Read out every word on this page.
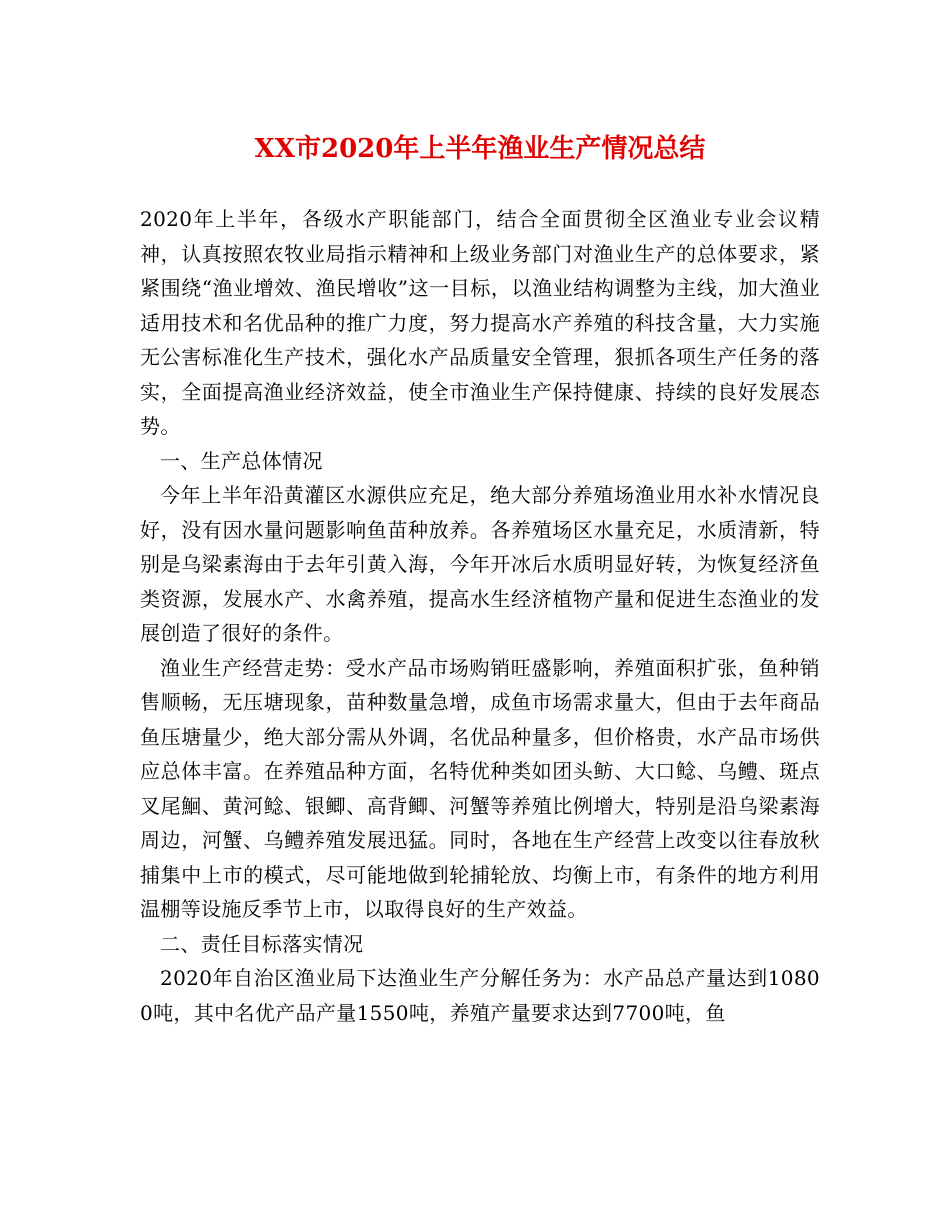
XX市2020年上半年渔业生产情况总结

2020年上半年，各级水产职能部门，结合全面贯彻全区渔业专业会议精神，认真按照农牧业局指示精神和上级业务部门对渔业生产的总体要求，紧紧围绕“渔业增效、渔民增收”这一目标，以渔业结构调整为主线，加大渔业适用技术和名优品种的推广力度，努力提高水产养殖的科技含量，大力实施无公害标准化生产技术，强化水产品质量安全管理，狠抓各项生产任务的落实，全面提高渔业经济效益，使全市渔业生产保持健康、持续的良好发展态势。

一、生产总体情况

今年上半年沿黄灌区水源供应充足，绝大部分养殖场渔业用水补水情况良好，没有因水量问题影响鱼苗种放养。各养殖场区水量充足，水质清新，特别是乌梁素海由于去年引黄入海，今年开冰后水质明显好转，为恢复经济鱼类资源，发展水产、水禽养殖，提高水生经济植物产量和促进生态渔业的发展创造了很好的条件。

渔业生产经营走势：受水产品市场购销旺盛影响，养殖面积扩张，鱼种销售顺畅，无压塘现象，苗种数量急增，成鱼市场需求量大，但由于去年商品鱼压塘量少，绝大部分需从外调，名优品种量多，但价格贵，水产品市场供应总体丰富。在养殖品种方面，名特优种类如团头鲂、大口鲶、乌鳢、斑点叉尾鮰、黄河鲶、银鲫、高背鲫、河蟹等养殖比例增大，特别是沿乌梁素海周边，河蟹、乌鳢养殖发展迅猛。同时，各地在生产经营上改变以往春放秋捕集中上市的模式，尽可能地做到轮捕轮放、均衡上市，有条件的地方利用温棚等设施反季节上市，以取得良好的生产效益。

二、责任目标落实情况

2020年自治区渔业局下达渔业生产分解任务为：水产品总产量达到10800吨，其中名优产品产量1550吨，养殖产量要求达到7700吨，鱼
